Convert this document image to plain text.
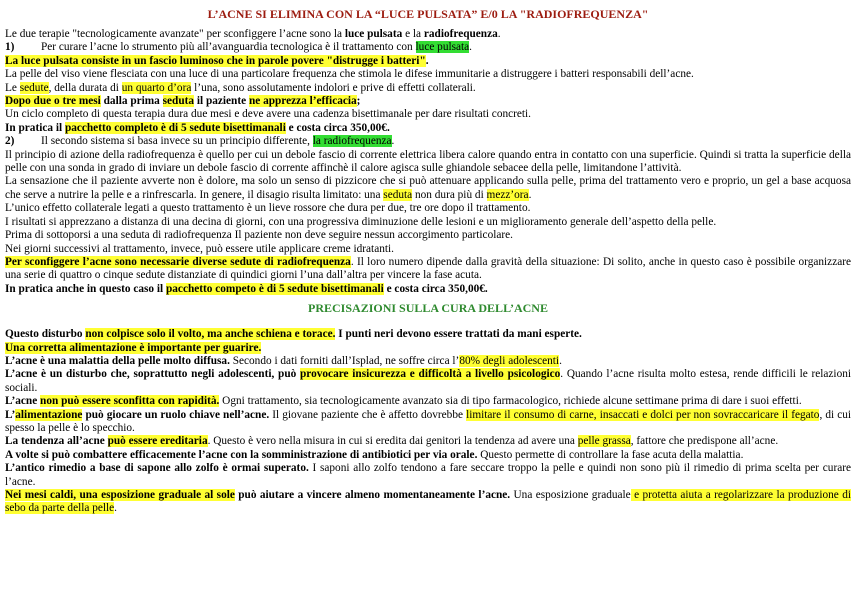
L’ACNE SI ELIMINA CON LA “LUCE PULSATA” E/0 LA "RADIOFREQUENZA"

Le due terapie "tecnologicamente avanzate" per sconfiggere l’acne sono la luce pulsata e la radiofrequenza.

1) Per curare l’acne lo strumento più all’avanguardia tecnologica è il trattamento con luce pulsata.

La luce pulsata consiste in un fascio luminoso che in parole povere "distrugge i batteri".

La pelle del viso viene flesciata con una luce di una particolare frequenza che stimola le difese immunitarie a distruggere i batteri responsabili dell’acne.

Le sedute, della durata di un quarto d’ora l’una, sono assolutamente indolori e prive di effetti collaterali.

Dopo due o tre mesi dalla prima seduta il paziente ne apprezza l’efficacia;

Un ciclo completo di questa terapia dura due mesi e deve avere una cadenza bisettimanale per dare risultati concreti.

In pratica il pacchetto completo è di 5 sedute bisettimanali e costa circa 350,00€.

2) Il secondo sistema si basa invece su un principio differente, la radiofrequenza.

Il principio di azione della radiofrequenza è quello per cui un debole fascio di corrente elettrica libera calore quando entra in contatto con una superficie. Quindi si tratta la superficie della pelle con una sonda in grado di inviare un debole fascio di corrente affinchè il calore agisca sulle ghiandole sebacee della pelle, limitandone l’attività.

La sensazione che il paziente avverte non è dolore, ma solo un senso di pizzicore che si può attenuare applicando sulla pelle, prima del trattamento vero e proprio, un gel a base acquosa che serve a nutrire la pelle e a rinfrescarla. In genere, il disagio risulta limitato: una seduta non dura più di mezz’ora.

L’unico effetto collaterale legati a questo trattamento è un lieve rossore che dura per due, tre ore dopo il trattamento.

I risultati si apprezzano a distanza di una decina di giorni, con una progressiva diminuzione delle lesioni e un miglioramento generale dell’aspetto della pelle.

Prima di sottoporsi a una seduta di radiofrequenza Il paziente non deve seguire nessun accorgimento particolare.

Nei giorni successivi al trattamento, invece, può essere utile applicare creme idratanti.

Per sconfiggere l’acne sono necessarie diverse sedute di radiofrequenza. Il loro numero dipende dalla gravità della situazione: Di solito, anche in questo caso è possibile organizzare una serie di quattro o cinque sedute distanziate di quindici giorni l’una dall’altra per vincere la fase acuta.

In pratica anche in questo caso il pacchetto competo è di 5 sedute bisettimanali e costa circa 350,00€.

PRECISAZIONI SULLA CURA DELL’ACNE

Questo disturbo non colpisce solo il volto, ma anche schiena e torace. I punti neri devono essere trattati da mani esperte.

Una corretta alimentazione è importante per guarire.

L’acne è una malattia della pelle molto diffusa. Secondo i dati forniti dall’Isplad, ne soffre circa l’80% degli adolescenti.

L’acne è un disturbo che, soprattutto negli adolescenti, può provocare insicurezza e difficoltà a livello psicologico. Quando l’acne risulta molto estesa, rende difficili le relazioni sociali.

L’acne non può essere sconfitta con rapidità. Ogni trattamento, sia tecnologicamente avanzato sia di tipo farmacologico, richiede alcune settimane prima di dare i suoi effetti.

L’alimentazione può giocare un ruolo chiave nell’acne. Il giovane paziente che è affetto dovrebbe limitare il consumo di carne, insaccati e dolci per non sovraccaricare il fegato, di cui spesso la pelle è lo specchio.

La tendenza all’acne può essere ereditaria. Questo è vero nella misura in cui si eredita dai genitori la tendenza ad avere una pelle grassa, fattore che predispone all’acne.

A volte si può combattere efficacemente l’acne con la somministrazione di antibiotici per via orale. Questo permette di controllare la fase acuta della malattia.

L’antico rimedio a base di sapone allo zolfo è ormai superato. I saponi allo zolfo tendono a fare seccare troppo la pelle e quindi non sono più il rimedio di prima scelta per curare l’acne.

Nei mesi caldi, una esposizione graduale al sole può aiutare a vincere almeno momentaneamente l’acne. Una esposizione graduale e protetta aiuta a regolarizzare la produzione di sebo da parte della pelle.
